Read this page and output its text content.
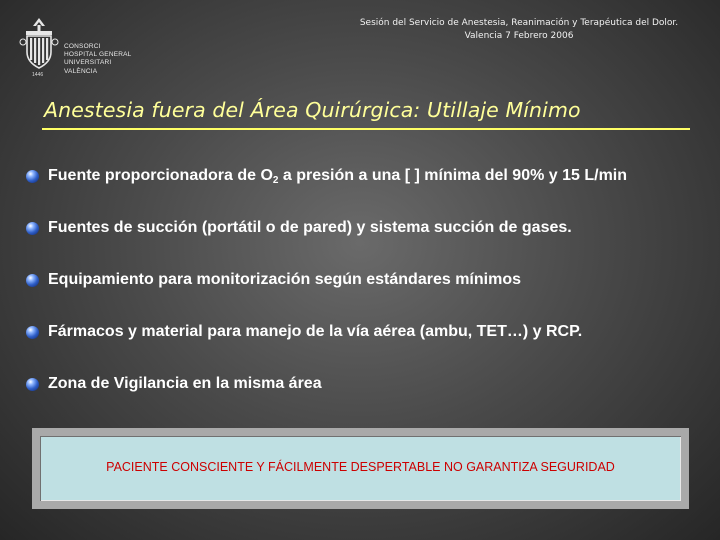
CONSORCI
HOSPITAL GENERAL
UNIVERSITARI
VALÈNCIA
1446
Sesión del Servicio de Anestesia, Reanimación y Terapéutica del Dolor.
Valencia 7 Febrero 2006
Anestesia fuera del Área Quirúrgica: Utillaje Mínimo
Fuente proporcionadora de $O_2$ a presión a una [ ] mínima del 90% y 15 L/min
Fuentes de succión (portátil o de pared) y sistema succión de gases.
Equipamiento para monitorización según estándares mínimos
Fármacos y material para manejo de la vía aérea (ambu, TET…) y RCP.
Zona de Vigilancia en la misma área
PACIENTE CONSCIENTE Y FÁCILMENTE DESPERTABLE NO GARANTIZA SEGURIDAD
